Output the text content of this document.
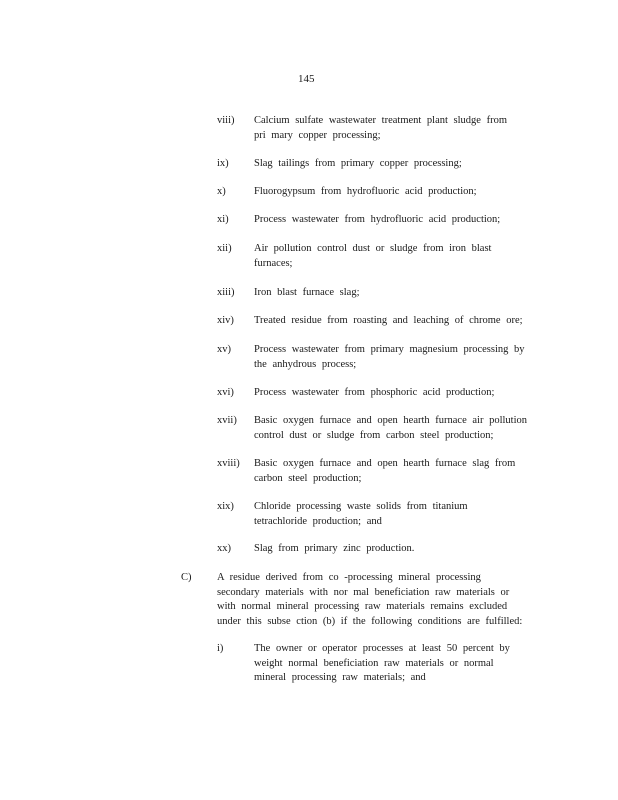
145
viii) Calcium sulfate wastewater treatment plant sludge from
pri mary copper processing;
ix) Slag tailings from primary copper processing;
x)	Fluorogypsum from hydrofluoric acid production;
xi) Process wastewater from hydrofluoric acid production;
xii) Air pollution control dust or sludge from iron blast
furnaces;
xiii) Iron blast furnace slag;
xiv) Treated residue from roasting and leaching of chrome ore;
xv) Process wastewater from primary magnesium processing by
the anhydrous process;
xvi) Process wastewater from phosphoric acid production;
xvii) Basic oxygen furnace and open hearth furnace air pollution
control dust or sludge from carbon steel production;
xviii) Basic oxygen furnace and open hearth furnace slag from
carbon steel production;
xix) Chloride processing waste solids from titanium
tetrachloride production; and
xx) Slag from primary zinc production.
C) A residue derived from co -processing mineral processing
secondary materials with nor mal beneficiation raw materials or
with normal mineral processing raw materials remains excluded
under this subse ction (b) if the following conditions are fulfilled:
i)	The owner or operator processes at least 50 percent by
weight normal beneficiation raw materials or normal
mineral processing raw materials; and
